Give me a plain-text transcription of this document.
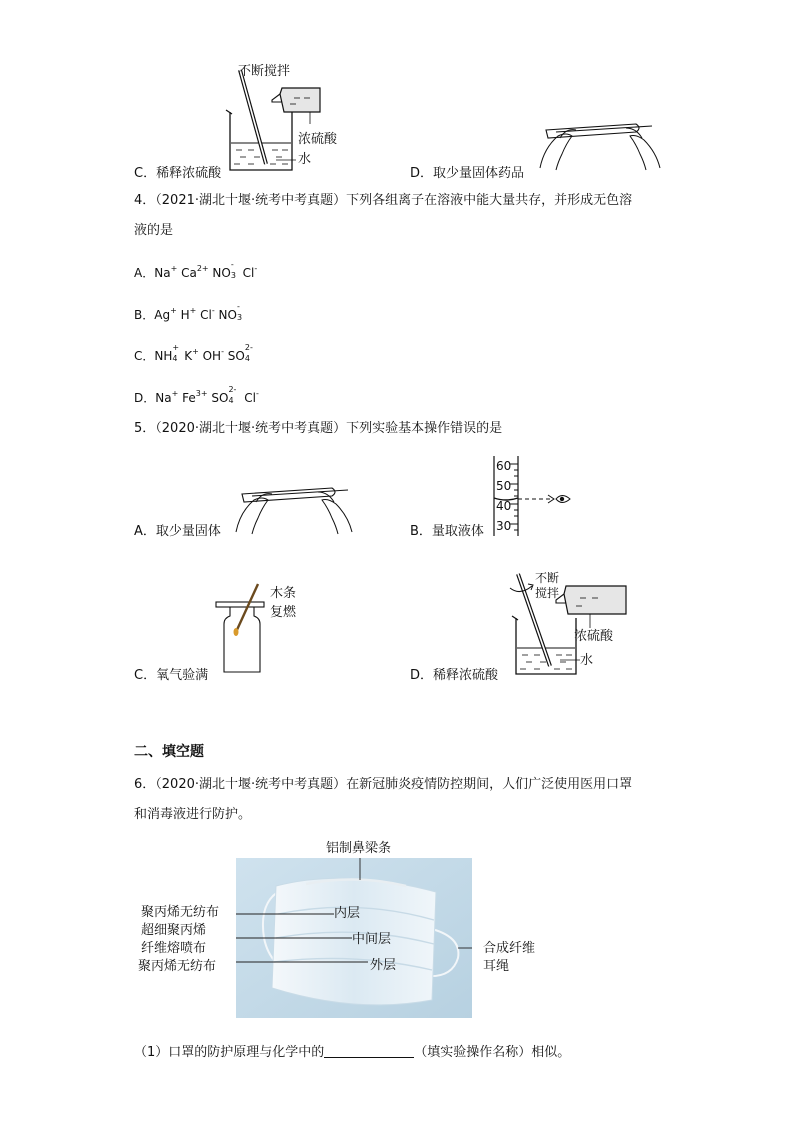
不断搅拌
浓硫酸
水
C．稀释浓硫酸	D．取少量固体药品
4．（2021·湖北十堰·统考中考真题）下列各组离子在溶液中能大量共存，并形成无色溶
液的是
A．Na+ $Ca^{2+}$ NO
-
3 Cl-
B．Ag+ H+ Cl- NO
-
3
C．NH
+
4 K+ OH- SO
2-
4
D．Na+ $Fe^{3+}$ SO
2-
4 Cl-
5．（2020·湖北十堰·统考中考真题）下列实验基本操作错误的是
60
50
40
30
A．取少量固体	B．量取液体
木条
复燃
不断
搅拌
浓硫酸
水
C．氧气验满	D．稀释浓硫酸
二、填空题
6．（2020·湖北十堰·统考中考真题）在新冠肺炎疫情防控期间，人们广泛使用医用口罩
和消毒液进行防护。
铝制鼻梁条
聚丙烯无纺布	内层
超细聚丙烯
纤维熔喷布
中间层
聚丙烯无纺布	外层
合成纤维
耳绳
（1）口罩的防护原理与化学中的	（填实验操作名称）相似。
